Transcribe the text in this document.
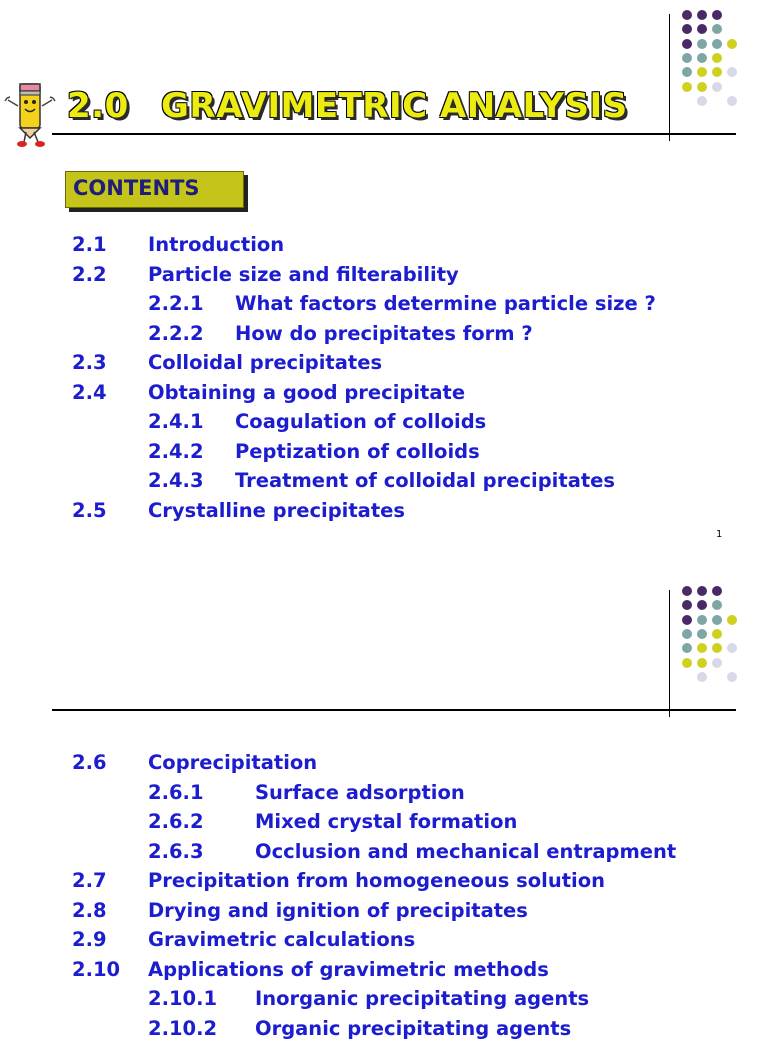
2.0 GRAVIMETRIC ANALYSIS
CONTENTS
2.1 Introduction
2.2 Particle size and filterability
2.2.1 What factors determine particle size ?
2.2.2 How do precipitates form ?
2.3 Colloidal precipitates
2.4 Obtaining a good precipitate
2.4.1 Coagulation of colloids
2.4.2 Peptization of colloids
2.4.3 Treatment of colloidal precipitates
2.5 Crystalline precipitates
1
2.6 Coprecipitation
2.6.1	Surface adsorption
2.6.2	Mixed crystal formation
2.6.3	Occlusion and mechanical entrapment
2.7 Precipitation from homogeneous solution
2.8 Drying and ignition of precipitates
2.9 Gravimetric calculations
2.10 Applications of gravimetric methods
2.10.1 Inorganic precipitating agents
2.10.2 Organic precipitating agents
